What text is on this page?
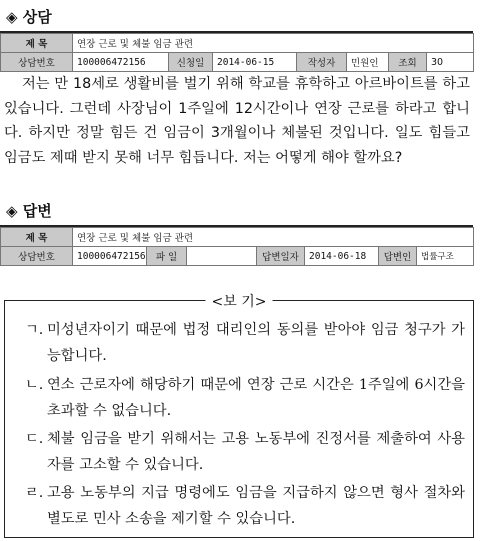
◈ 상담
제 목	연장 근로 및 체불 임금 관련						
상담번호	100006472156	신청일	2014-06-15	작성자	민원인	조회	30

저는 만 18세로 생활비를 벌기 위해 학교를 휴학하고 아르바이트를 하고 있습니다. 그런데 사장님이 1주일에 12시간이나 연장 근로를 하라고 합니다. 하지만 정말 힘든 건 임금이 3개월이나 체불된 것입니다. 일도 힘들고 임금도 제때 받지 못해 너무 힘듭니다. 저는 어떻게 해야 할까요?

◈ 답변
제 목	연장 근로 및 체불 임금 관련						
상담번호	100006472156	파 일		답변일자	2014-06-18	답변인	법률구조
<보 기>
ㄱ. 미성년자이기 때문에 법정 대리인의 동의를 받아야 임금 청구가 가능합니다.
ㄴ. 연소 근로자에 해당하기 때문에 연장 근로 시간은 1주일에 6시간을 초과할 수 없습니다.
ㄷ. 체불 임금을 받기 위해서는 고용 노동부에 진정서를 제출하여 사용자를 고소할 수 있습니다.
ㄹ. 고용 노동부의 지급 명령에도 임금을 지급하지 않으면 형사 절차와 별도로 민사 소송을 제기할 수 있습니다.
